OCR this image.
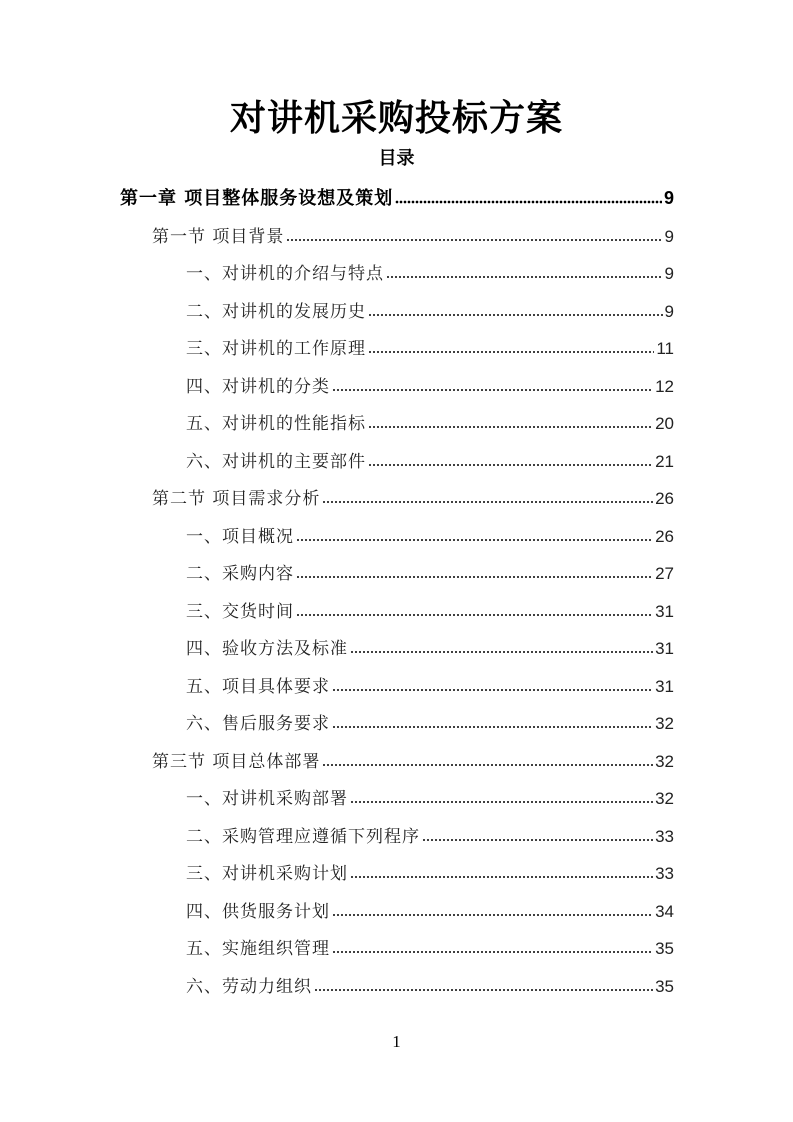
对讲机采购投标方案
目录
第一章 项目整体服务设想及策划	9
第一节 项目背景	9
一、对讲机的介绍与特点	9
二、对讲机的发展历史	9
三、对讲机的工作原理	11
四、对讲机的分类	12
五、对讲机的性能指标	20
六、对讲机的主要部件	21
第二节 项目需求分析	26
一、项目概况	26
二、采购内容	27
三、交货时间	31
四、验收方法及标准	31
五、项目具体要求	31
六、售后服务要求	32
第三节 项目总体部署	32
一、对讲机采购部署	32
二、采购管理应遵循下列程序	33
三、对讲机采购计划	33
四、供货服务计划	34
五、实施组织管理	35
六、劳动力组织	35
1
